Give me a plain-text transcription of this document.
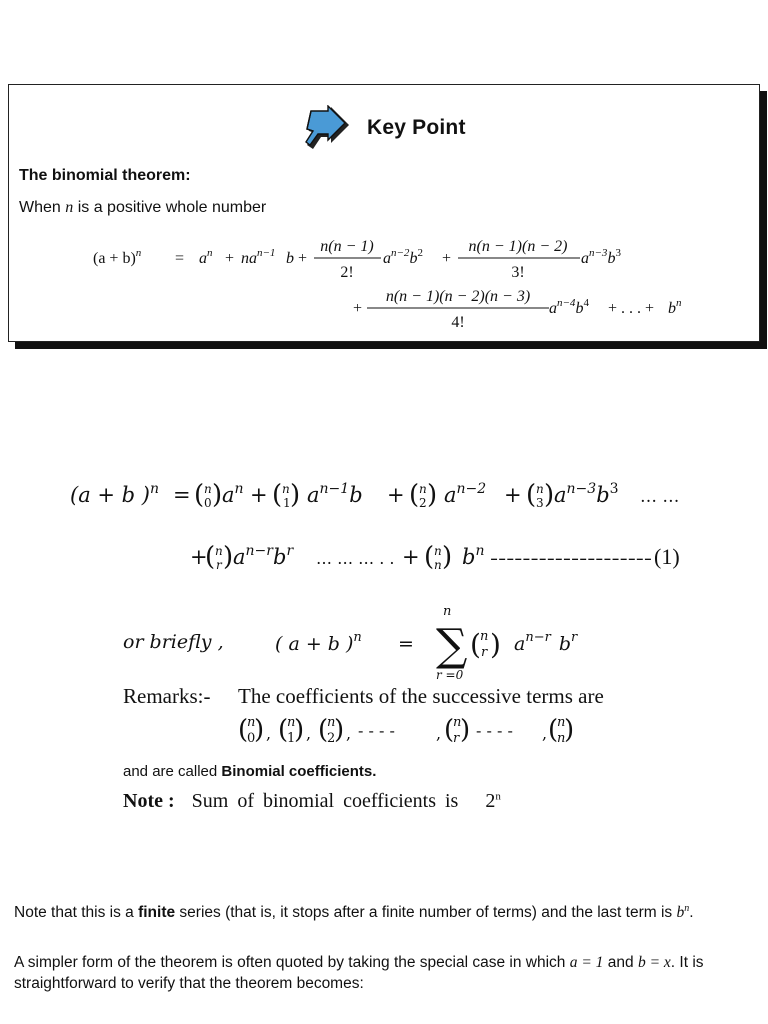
Key Point
The binomial theorem:
When n is a positive whole number
$(a + b)^n = a^n + na^{n-1}$ b +
n(n − 1)
2!
$a^{n-2}b^2$ +
n(n − 1)(n − 2)
3!
$a^{n-3}b^3$
+
n(n − 1)(n − 2)(n − 3)
4!
$a^{n-4}b^4$ + . . . + $b^n$
(a + b )$^n$ = ( n
0 ) $a^n$ + ( n
1 ) $a^{n-1}b$ + ( n
2 ) $a^{n-2}$ + ( n
3 ) $a^{n-3}b^3$ … …
+
( n
r ) $a^{n-r}b^r$ … … … . . + ( n
n ) $b^n$ -------------------- (1)
or briefly ,	( a + b )$^n$ =
n
∑
r =0
( n
r ) $a^{n-r}$ $b^r$
Remarks:- The coefficients of the successive terms are
( ) ( ) ( )	( )	( )
n n n	n	n
0 1 2	r	n
, , , - - - -	, - - - - ,
and are called Binomial coefficients.
Note : Sum of binomial coefficients is 2$^n$
Note that this is a finite series (that is, it stops after a finite number of terms) and the last term is $b^n$.
A simpler form of the theorem is often quoted by taking the special case in which a = 1 and b = x. It is straightforward to verify that the theorem becomes:
